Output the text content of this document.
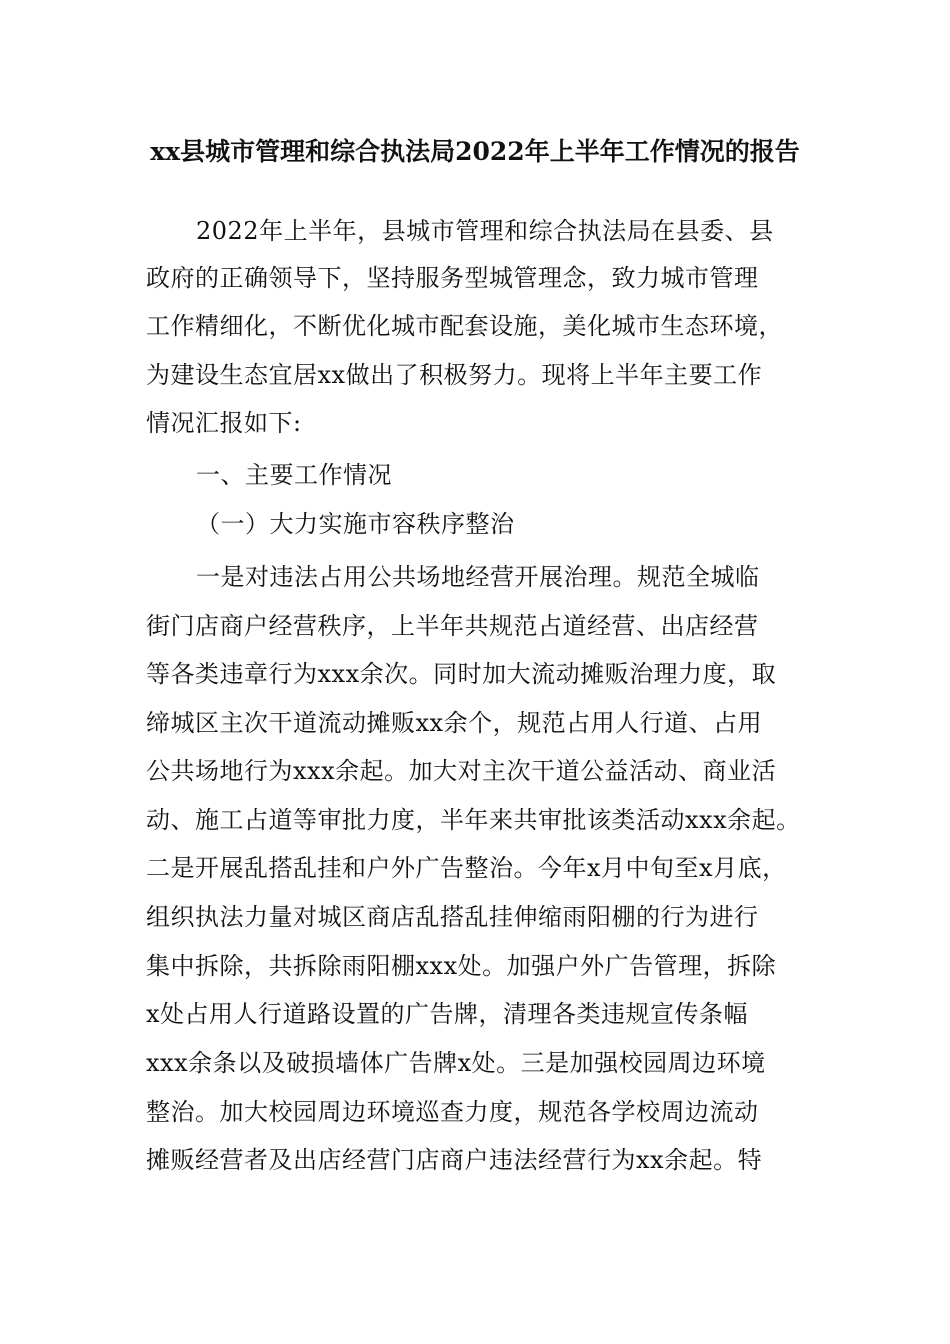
xx县城市管理和综合执法局2022年上半年工作情况的报告
2022年上半年，县城市管理和综合执法局在县委、县
政府的正确领导下，坚持服务型城管理念，致力城市管理
工作精细化，不断优化城市配套设施，美化城市生态环境，
为建设生态宜居xx做出了积极努力。现将上半年主要工作
情况汇报如下:
一、主要工作情况
（一）大力实施市容秩序整治
一是对违法占用公共场地经营开展治理。规范全城临
街门店商户经营秩序，上半年共规范占道经营、出店经营
等各类违章行为xxx余次。同时加大流动摊贩治理力度，取
缔城区主次干道流动摊贩xx余个，规范占用人行道、占用
公共场地行为xxx余起。加大对主次干道公益活动、商业活
动、施工占道等审批力度，半年来共审批该类活动xxx余起。
二是开展乱搭乱挂和户外广告整治。今年x月中旬至x月底，
组织执法力量对城区商店乱搭乱挂伸缩雨阳棚的行为进行
集中拆除，共拆除雨阳棚xxx处。加强户外广告管理，拆除
x处占用人行道路设置的广告牌，清理各类违规宣传条幅
xxx余条以及破损墙体广告牌x处。三是加强校园周边环境
整治。加大校园周边环境巡查力度，规范各学校周边流动
摊贩经营者及出店经营门店商户违法经营行为xx余起。特
